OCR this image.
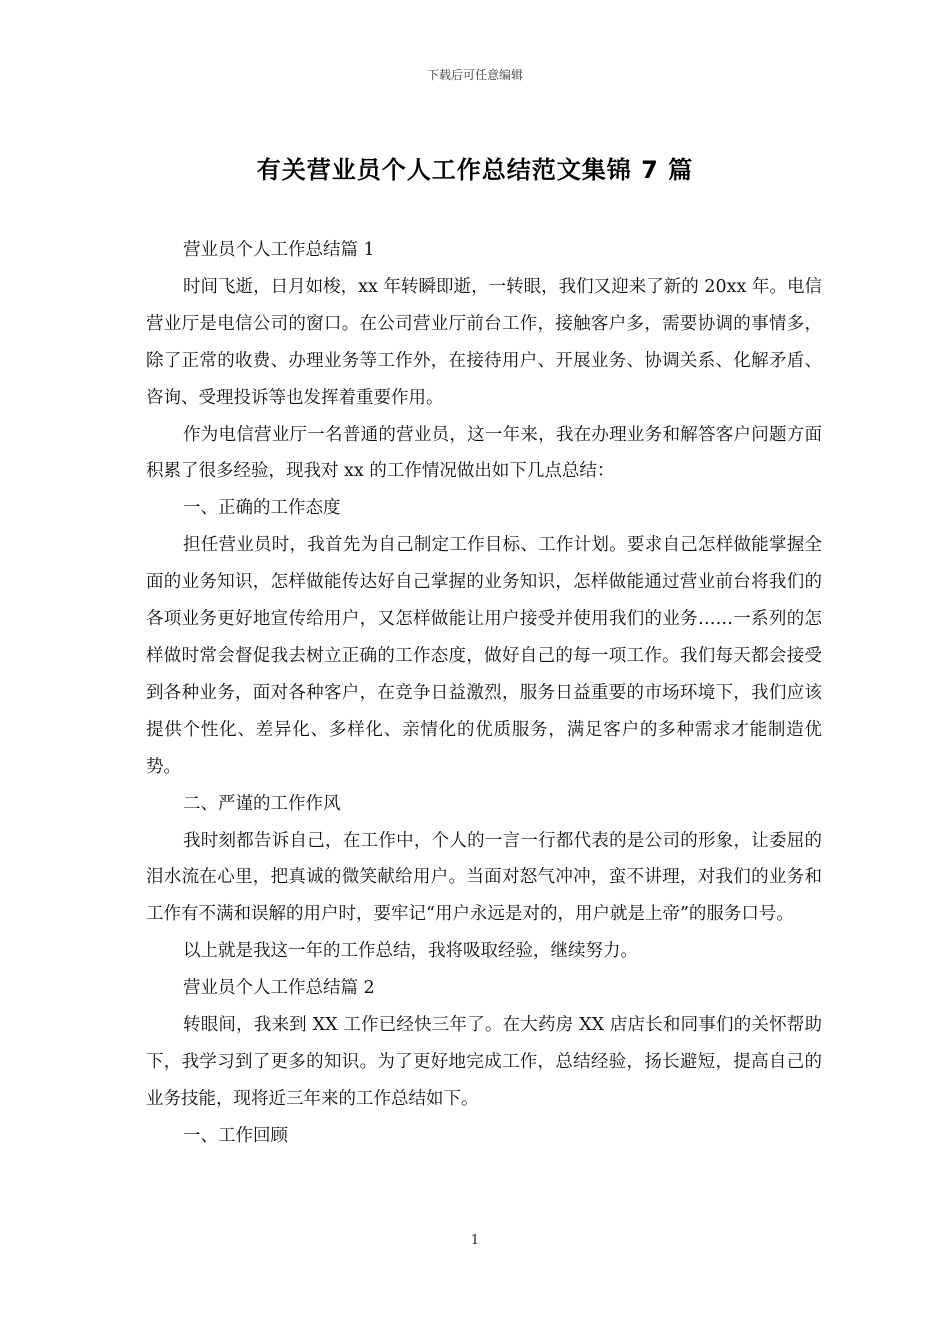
下载后可任意编辑
有关营业员个人工作总结范文集锦 7 篇

营业员个人工作总结篇 1

时间飞逝，日月如梭，xx 年转瞬即逝，一转眼，我们又迎来了新的 20xx 年。电信营业厅是电信公司的窗口。在公司营业厅前台工作，接触客户多，需要协调的事情多，除了正常的收费、办理业务等工作外，在接待用户、开展业务、协调关系、化解矛盾、咨询、受理投诉等也发挥着重要作用。

作为电信营业厅一名普通的营业员，这一年来，我在办理业务和解答客户问题方面积累了很多经验，现我对 xx 的工作情况做出如下几点总结：

一、正确的工作态度

担任营业员时，我首先为自己制定工作目标、工作计划。要求自己怎样做能掌握全面的业务知识，怎样做能传达好自己掌握的业务知识，怎样做能通过营业前台将我们的各项业务更好地宣传给用户，又怎样做能让用户接受并使用我们的业务……一系列的怎样做时常会督促我去树立正确的工作态度，做好自己的每一项工作。我们每天都会接受到各种业务，面对各种客户，在竞争日益激烈，服务日益重要的市场环境下，我们应该提供个性化、差异化、多样化、亲情化的优质服务，满足客户的多种需求才能制造优势。

二、严谨的工作作风

我时刻都告诉自己，在工作中，个人的一言一行都代表的是公司的形象，让委屈的泪水流在心里，把真诚的微笑献给用户。当面对怒气冲冲，蛮不讲理，对我们的业务和工作有不满和误解的用户时，要牢记“用户永远是对的，用户就是上帝”的服务口号。

以上就是我这一年的工作总结，我将吸取经验，继续努力。

营业员个人工作总结篇 2

转眼间，我来到 XX 工作已经快三年了。在大药房 XX 店店长和同事们的关怀帮助下，我学习到了更多的知识。为了更好地完成工作，总结经验，扬长避短，提高自己的业务技能，现将近三年来的工作总结如下。

一、工作回顾

1
